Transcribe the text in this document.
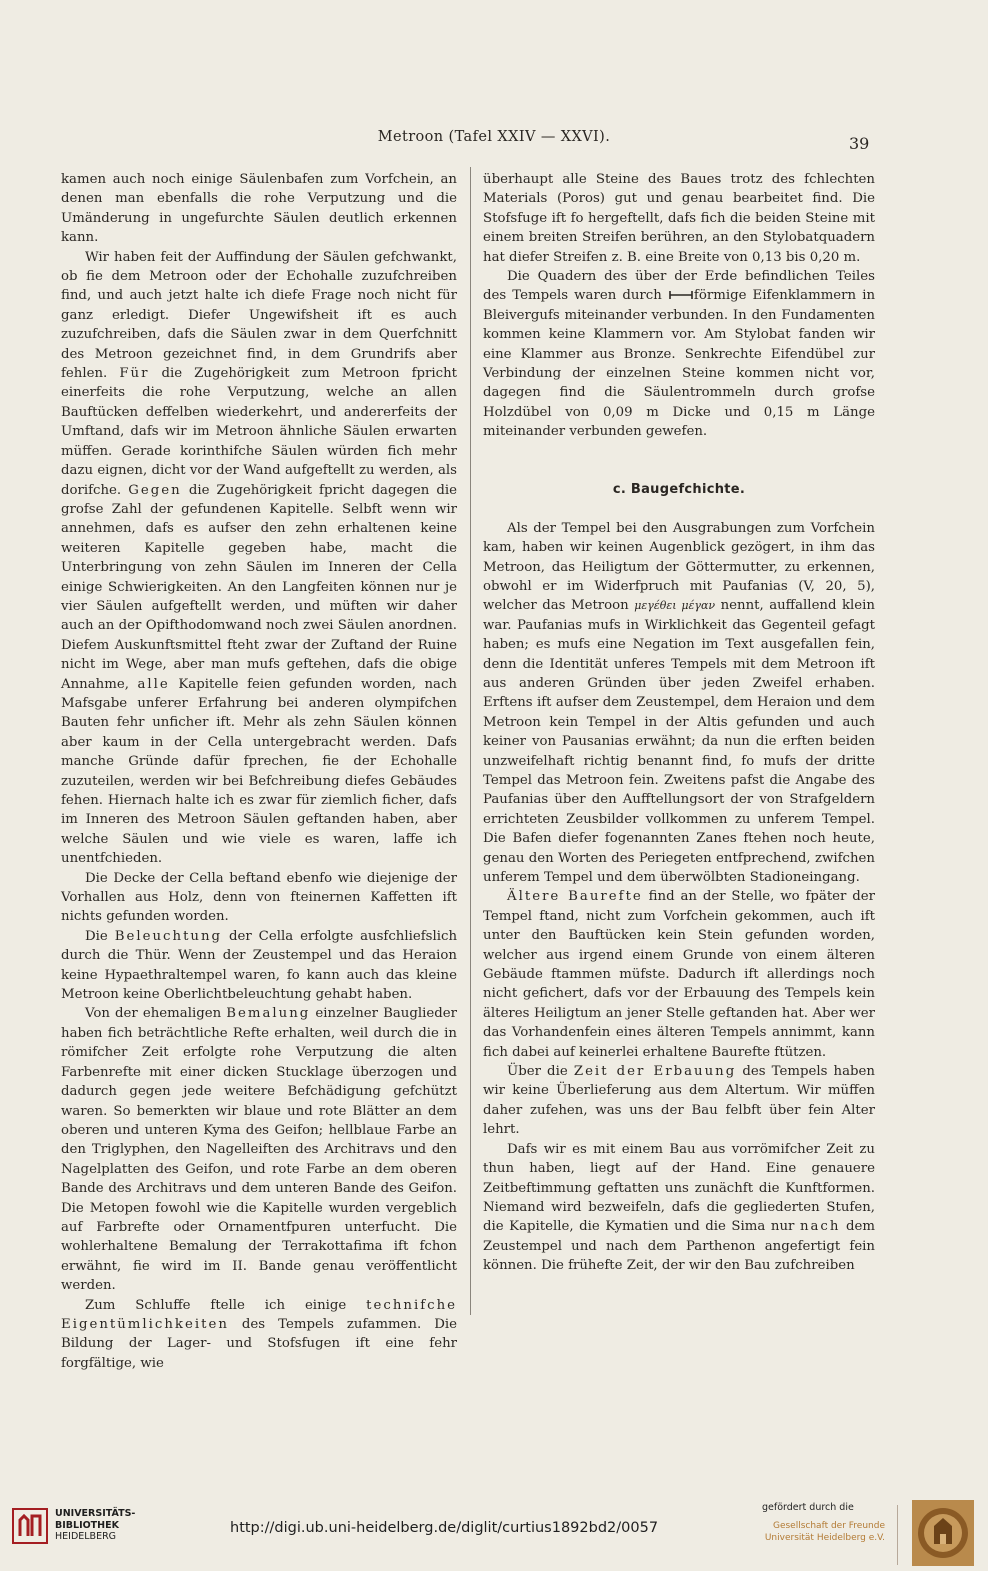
Metroon (Tafel XXIV — XXVI).	39

kamen auch noch einige Säulenbafen zum Vorfchein, an denen man ebenfalls die rohe Verputzung und die Umänderung in ungefurchte Säulen deutlich erkennen kann.

Wir haben feit der Auffindung der Säulen gefchwankt, ob fie dem Metroon oder der Echohalle zuzufchreiben find, und auch jetzt halte ich diefe Frage noch nicht für ganz erledigt. Diefer Ungewifsheit ift es auch zuzufchreiben, dafs die Säulen zwar in dem Querfchnitt des Metroon gezeichnet find, in dem Grundrifs aber fehlen. Für die Zugehörigkeit zum Metroon fpricht einerfeits die rohe Verputzung, welche an allen Bauftücken deffelben wiederkehrt, und andererfeits der Umftand, dafs wir im Metroon ähnliche Säulen erwarten müffen. Gerade korinthifche Säulen würden fich mehr dazu eignen, dicht vor der Wand aufgeftellt zu werden, als dorifche. Gegen die Zugehörigkeit fpricht dagegen die grofse Zahl der gefundenen Kapitelle. Selbft wenn wir annehmen, dafs es aufser den zehn erhaltenen keine weiteren Kapitelle gegeben habe, macht die Unterbringung von zehn Säulen im Inneren der Cella einige Schwierigkeiten. An den Langfeiten können nur je vier Säulen aufgeftellt werden, und müften wir daher auch an der Opifthodomwand noch zwei Säulen anordnen. Diefem Auskunftsmittel fteht zwar der Zuftand der Ruine nicht im Wege, aber man mufs geftehen, dafs die obige Annahme, alle Kapitelle feien gefunden worden, nach Mafsgabe unferer Erfahrung bei anderen olympifchen Bauten fehr unficher ift. Mehr als zehn Säulen können aber kaum in der Cella untergebracht werden. Dafs manche Gründe dafür fprechen, fie der Echohalle zuzuteilen, werden wir bei Befchreibung diefes Gebäudes fehen. Hiernach halte ich es zwar für ziemlich ficher, dafs im Inneren des Metroon Säulen geftanden haben, aber welche Säulen und wie viele es waren, laffe ich unentfchieden.

Die Decke der Cella beftand ebenfo wie diejenige der Vorhallen aus Holz, denn von fteinernen Kaffetten ift nichts gefunden worden.

Die Beleuchtung der Cella erfolgte ausfchliefslich durch die Thür. Wenn der Zeustempel und das Heraion keine Hypaethraltempel waren, fo kann auch das kleine Metroon keine Oberlichtbeleuchtung gehabt haben.

Von der ehemaligen Bemalung einzelner Bauglieder haben fich beträchtliche Refte erhalten, weil durch die in römifcher Zeit erfolgte rohe Verputzung die alten Farbenrefte mit einer dicken Stucklage überzogen und dadurch gegen jede weitere Befchädigung gefchützt waren. So bemerkten wir blaue und rote Blätter an dem oberen und unteren Kyma des Geifon; hellblaue Farbe an den Triglyphen, den Nagelleiften des Architravs und den Nagelplatten des Geifon, und rote Farbe an dem oberen Bande des Architravs und dem unteren Bande des Geifon. Die Metopen fowohl wie die Kapitelle wurden vergeblich auf Farbrefte oder Ornamentfpuren unterfucht. Die wohlerhaltene Bemalung der Terrakottafima ift fchon erwähnt, fie wird im II. Bande genau veröffentlicht werden.

Zum Schluffe ftelle ich einige technifche Eigentümlichkeiten des Tempels zufammen. Die Bildung der Lager- und Stofsfugen ift eine fehr forgfältige, wie

überhaupt alle Steine des Baues trotz des fchlechten Materials (Poros) gut und genau bearbeitet find. Die Stofsfuge ift fo hergeftellt, dafs fich die beiden Steine mit einem breiten Streifen berühren, an den Stylobatquadern hat diefer Streifen z. B. eine Breite von 0,13 bis 0,20 m.

Die Quadern des über der Erde befindlichen Teiles des Tempels waren durch förmige Eifenklammern in Bleivergufs miteinander verbunden. In den Fundamenten kommen keine Klammern vor. Am Stylobat fanden wir eine Klammer aus Bronze. Senkrechte Eifendübel zur Verbindung der einzelnen Steine kommen nicht vor, dagegen find die Säulentrommeln durch grofse Holzdübel von 0,09 m Dicke und 0,15 m Länge miteinander verbunden gewefen.

c. Baugefchichte.

Als der Tempel bei den Ausgrabungen zum Vorfchein kam, haben wir keinen Augenblick gezögert, in ihm das Metroon, das Heiligtum der Göttermutter, zu erkennen, obwohl er im Widerfpruch mit Paufanias (V, 20, 5), welcher das Metroon μεγέθει μέγαν nennt, auffallend klein war. Paufanias mufs in Wirklichkeit das Gegenteil gefagt haben; es mufs eine Negation im Text ausgefallen fein, denn die Identität unferes Tempels mit dem Metroon ift aus anderen Gründen über jeden Zweifel erhaben. Erftens ift aufser dem Zeustempel, dem Heraion und dem Metroon kein Tempel in der Altis gefunden und auch keiner von Pausanias erwähnt; da nun die erften beiden unzweifelhaft richtig benannt find, fo mufs der dritte Tempel das Metroon fein. Zweitens pafst die Angabe des Paufanias über den Aufftellungsort der von Strafgeldern errichteten Zeusbilder vollkommen zu unferem Tempel. Die Bafen diefer fogenannten Zanes ftehen noch heute, genau den Worten des Periegeten entfprechend, zwifchen unferem Tempel und dem überwölbten Stadioneingang.

Ältere Baurefte find an der Stelle, wo fpäter der Tempel ftand, nicht zum Vorfchein gekommen, auch ift unter den Bauftücken kein Stein gefunden worden, welcher aus irgend einem Grunde von einem älteren Gebäude ftammen müfste. Dadurch ift allerdings noch nicht gefichert, dafs vor der Erbauung des Tempels kein älteres Heiligtum an jener Stelle geftanden hat. Aber wer das Vorhandenfein eines älteren Tempels annimmt, kann fich dabei auf keinerlei erhaltene Baurefte ftützen.

Über die Zeit der Erbauung des Tempels haben wir keine Überlieferung aus dem Altertum. Wir müffen daher zufehen, was uns der Bau felbft über fein Alter lehrt.

Dafs wir es mit einem Bau aus vorrömifcher Zeit zu thun haben, liegt auf der Hand. Eine genauere Zeitbeftimmung geftatten uns zunächft die Kunftformen. Niemand wird bezweifeln, dafs die gegliederten Stufen, die Kapitelle, die Kymatien und die Sima nur nach dem Zeustempel und nach dem Parthenon angefertigt fein können. Die frühefte Zeit, der wir den Bau zufchreiben

UNIVERSITÄTS-
BIBLIOTHEK
HEIDELBERG
http://digi.ub.uni-heidelberg.de/diglit/curtius1892bd2/0057
gefördert durch die
Gesellschaft der Freunde
Universität Heidelberg e.V.
